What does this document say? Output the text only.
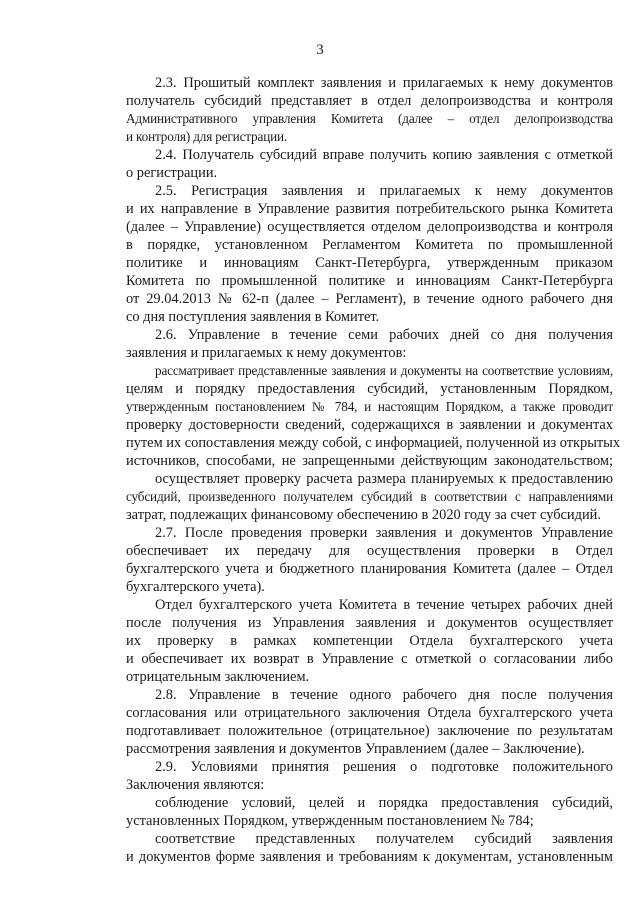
3
2.3. Прошитый комплект заявления и прилагаемых к нему документов
получатель субсидий представляет в отдел делопроизводства и контроля
Административного управления Комитета (далее – отдел делопроизводства
и контроля) для регистрации.
2.4. Получатель субсидий вправе получить копию заявления с отметкой
о регистрации.
2.5. Регистрация заявления и прилагаемых к нему документов
и их направление в Управление развития потребительского рынка Комитета
(далее – Управление) осуществляется отделом делопроизводства и контроля
в порядке, установленном Регламентом Комитета по промышленной
политике и инновациям Санкт-Петербурга, утвержденным приказом
Комитета по промышленной политике и инновациям Санкт-Петербурга
от 29.04.2013 № 62-п (далее – Регламент), в течение одного рабочего дня
со дня поступления заявления в Комитет.
2.6. Управление в течение семи рабочих дней со дня получения
заявления и прилагаемых к нему документов:
рассматривает представленные заявления и документы на соответствие условиям,
целям и порядку предоставления субсидий, установленным Порядком,
утвержденным постановлением № 784, и настоящим Порядком, а также проводит
проверку достоверности сведений, содержащихся в заявлении и документах
путем их сопоставления между собой, с информацией, полученной из открытых
источников, способами, не запрещенными действующим законодательством;
осуществляет проверку расчета размера планируемых к предоставлению
субсидий, произведенного получателем субсидий в соответствии с направлениями
затрат, подлежащих финансовому обеспечению в 2020 году за счет субсидий.
2.7. После проведения проверки заявления и документов Управление
обеспечивает их передачу для осуществления проверки в Отдел
бухгалтерского учета и бюджетного планирования Комитета (далее – Отдел
бухгалтерского учета).
Отдел бухгалтерского учета Комитета в течение четырех рабочих дней
после получения из Управления заявления и документов осуществляет
их проверку в рамках компетенции Отдела бухгалтерского учета
и обеспечивает их возврат в Управление с отметкой о согласовании либо
отрицательным заключением.
2.8. Управление в течение одного рабочего дня после получения
согласования или отрицательного заключения Отдела бухгалтерского учета
подготавливает положительное (отрицательное) заключение по результатам
рассмотрения заявления и документов Управлением (далее – Заключение).
2.9. Условиями принятия решения о подготовке положительного
Заключения являются:
соблюдение условий, целей и порядка предоставления субсидий,
установленных Порядком, утвержденным постановлением № 784;
соответствие представленных получателем субсидий заявления
и документов форме заявления и требованиям к документам, установленным
